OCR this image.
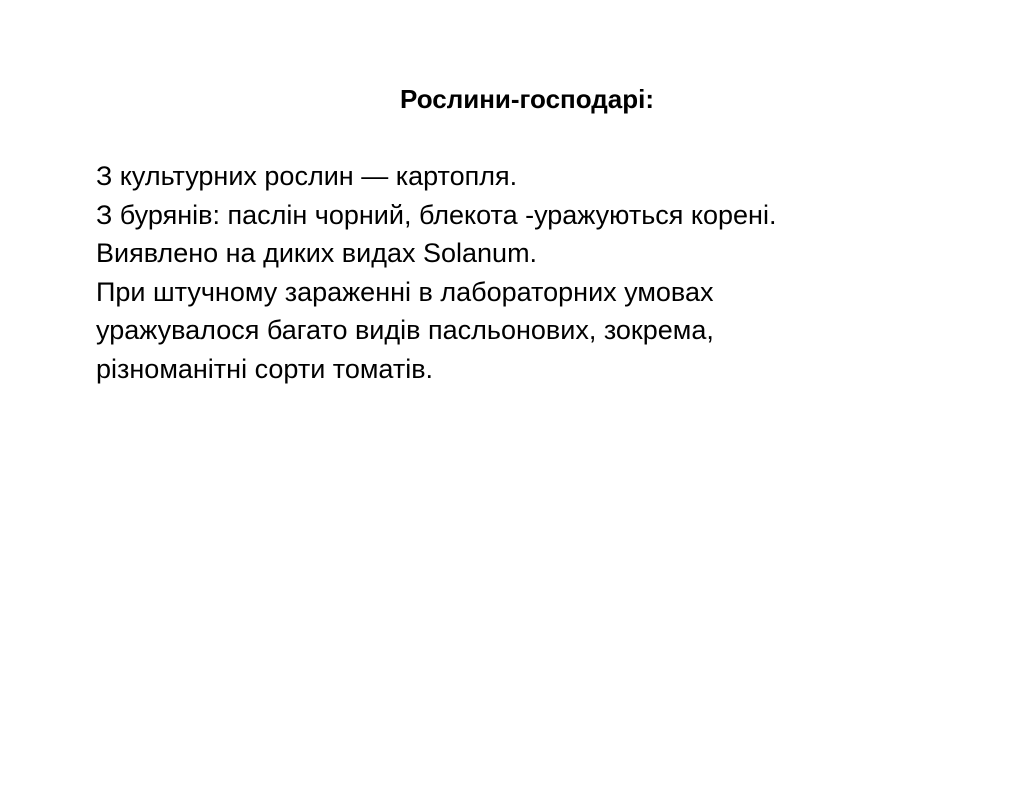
Рослини-господарі:

З культурних рослин — картопля.

З бурянів: паслін чорний, блекота -уражуються корені.

Виявлено на диких видах Solanum.

При штучному зараженні в лабораторних умовах

уражувалося багато видів пасльонових, зокрема,

різноманітні сорти томатів.
